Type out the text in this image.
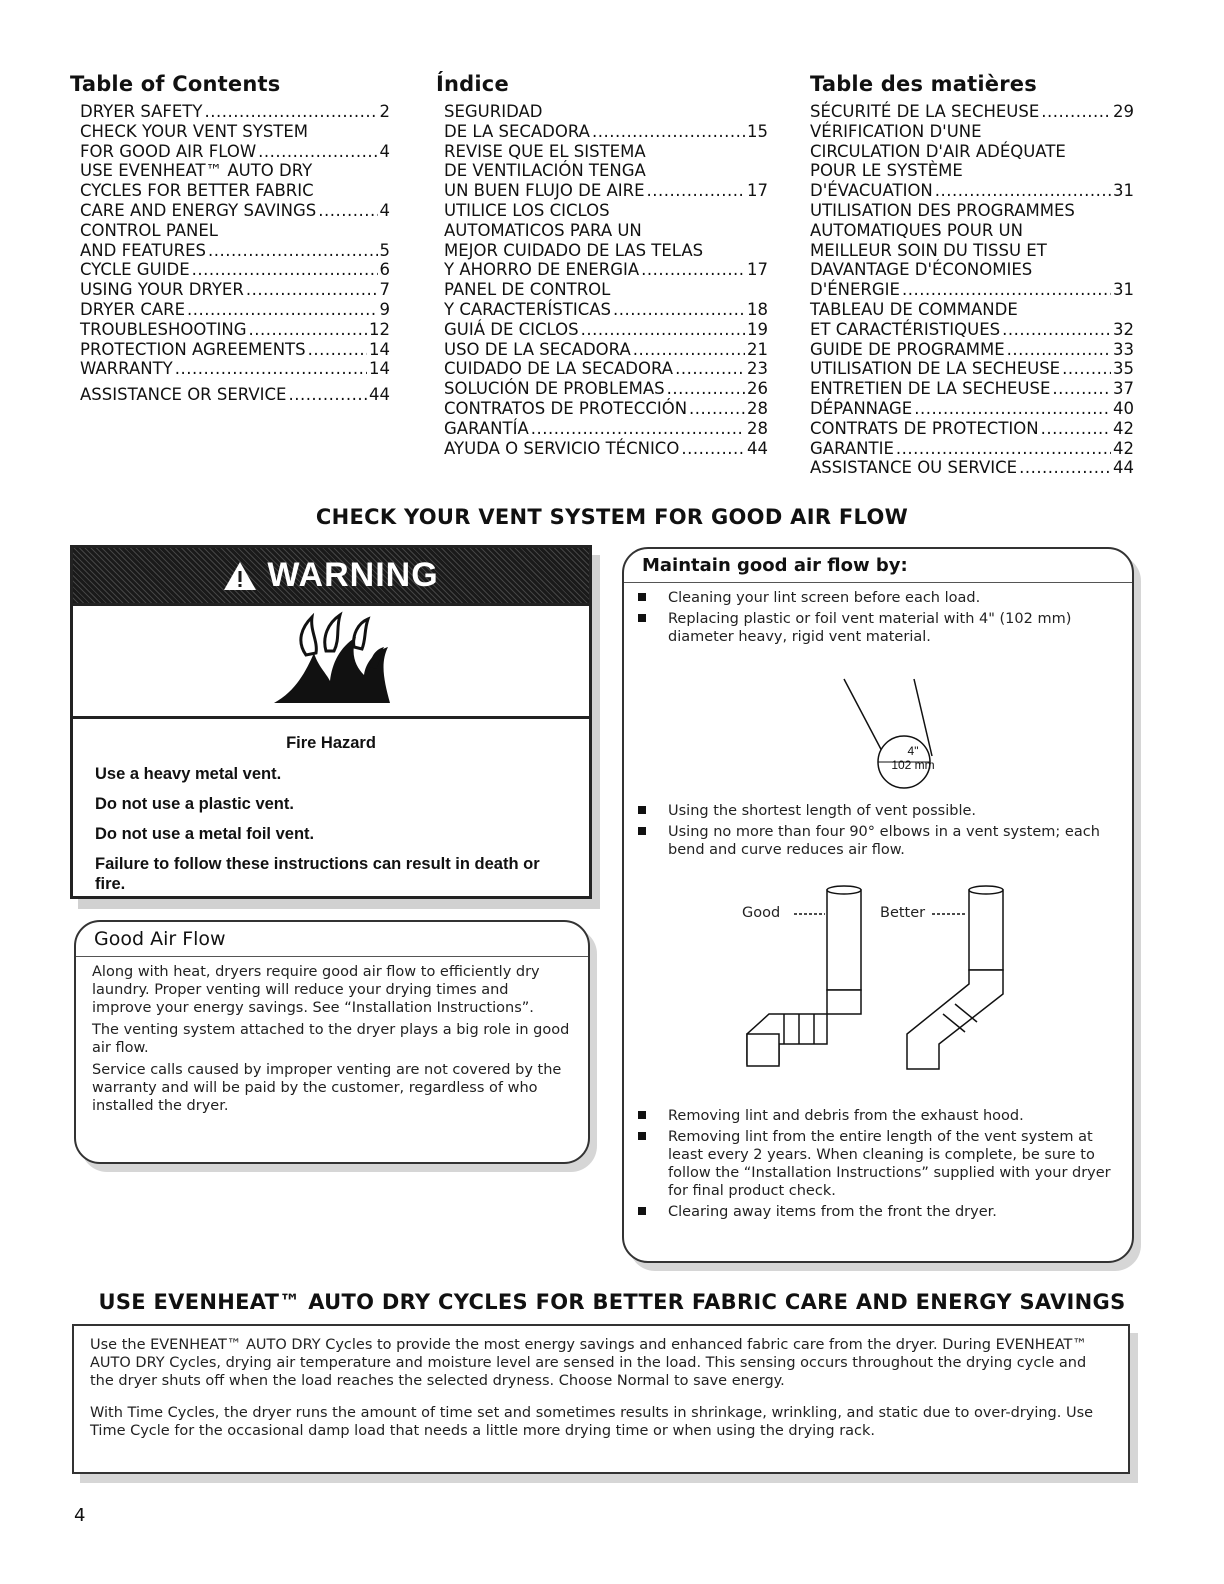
Table of Contents
DRYER SAFETY .....	2
CHECK YOUR VENT SYSTEM
FOR GOOD AIR FLOW .....	4
USE EVENHEAT™ AUTO DRY
CYCLES FOR BETTER FABRIC
CARE AND ENERGY SAVINGS .....	4
CONTROL PANEL
AND FEATURES .....	5
CYCLE GUIDE .....	6
USING YOUR DRYER .....	7
DRYER CARE .....	9
TROUBLESHOOTING .....	12
PROTECTION AGREEMENTS .....	14
WARRANTY .....	14
ASSISTANCE OR SERVICE .....	44
Índice
SEGURIDAD
DE LA SECADORA .....	15
REVISE QUE EL SISTEMA
DE VENTILACIÓN TENGA
UN BUEN FLUJO DE AIRE .....	17
UTILICE LOS CICLOS
AUTOMATICOS PARA UN
MEJOR CUIDADO DE LAS TELAS
Y AHORRO DE ENERGIA .....	17
PANEL DE CONTROL
Y CARACTERÍSTICAS .....	18
GUIÁ DE CICLOS .....	19
USO DE LA SECADORA .....	21
CUIDADO DE LA SECADORA .....	23
SOLUCIÓN DE PROBLEMAS .....	26
CONTRATOS DE PROTECCIÓN .....	28
GARANTÍA .....	28
AYUDA O SERVICIO TÉCNICO .....	44
Table des matières
SÉCURITÉ DE LA SECHEUSE .....	29
VÉRIFICATION D'UNE
CIRCULATION D'AIR ADÉQUATE
POUR LE SYSTÈME
D'ÉVACUATION .....	31
UTILISATION DES PROGRAMMES
AUTOMATIQUES POUR UN
MEILLEUR SOIN DU TISSU ET
DAVANTAGE D'ÉCONOMIES
D'ÉNERGIE .....	31
TABLEAU DE COMMANDE
ET CARACTÉRISTIQUES .....	32
GUIDE DE PROGRAMME .....	33
UTILISATION DE LA SECHEUSE .....	35
ENTRETIEN DE LA SECHEUSE .....	37
DÉPANNAGE .....	40
CONTRATS DE PROTECTION .....	42
GARANTIE .....	42
ASSISTANCE OU SERVICE .....	44
CHECK YOUR VENT SYSTEM FOR GOOD AIR FLOW
WARNING
Fire Hazard

Use a heavy metal vent.

Do not use a plastic vent.

Do not use a metal foil vent.

Failure to follow these instructions can result in death or fire.

Good Air Flow

Along with heat, dryers require good air flow to efficiently dry laundry. Proper venting will reduce your drying times and improve your energy savings. See “Installation Instructions”.

The venting system attached to the dryer plays a big role in good air flow.

Service calls caused by improper venting are not covered by the warranty and will be paid by the customer, regardless of who installed the dryer.

Maintain good air flow by:
Cleaning your lint screen before each load.
Replacing plastic or foil vent material with 4" (102 mm) diameter heavy, rigid vent material.
4"
102 mm
Using the shortest length of vent possible.
Using no more than four 90° elbows in a vent system; each bend and curve reduces air flow.
Good	Better
Removing lint and debris from the exhaust hood.
Removing lint from the entire length of the vent system at least every 2 years. When cleaning is complete, be sure to follow the “Installation Instructions” supplied with your dryer for final product check.
Clearing away items from the front the dryer.
USE EVENHEAT™ AUTO DRY CYCLES FOR BETTER FABRIC CARE AND ENERGY SAVINGS

Use the EVENHEAT™ AUTO DRY Cycles to provide the most energy savings and enhanced fabric care from the dryer. During EVENHEAT™ AUTO DRY Cycles, drying air temperature and moisture level are sensed in the load. This sensing occurs throughout the drying cycle and the dryer shuts off when the load reaches the selected dryness. Choose Normal to save energy.

With Time Cycles, the dryer runs the amount of time set and sometimes results in shrinkage, wrinkling, and static due to over-drying. Use Time Cycle for the occasional damp load that needs a little more drying time or when using the drying rack.

4
